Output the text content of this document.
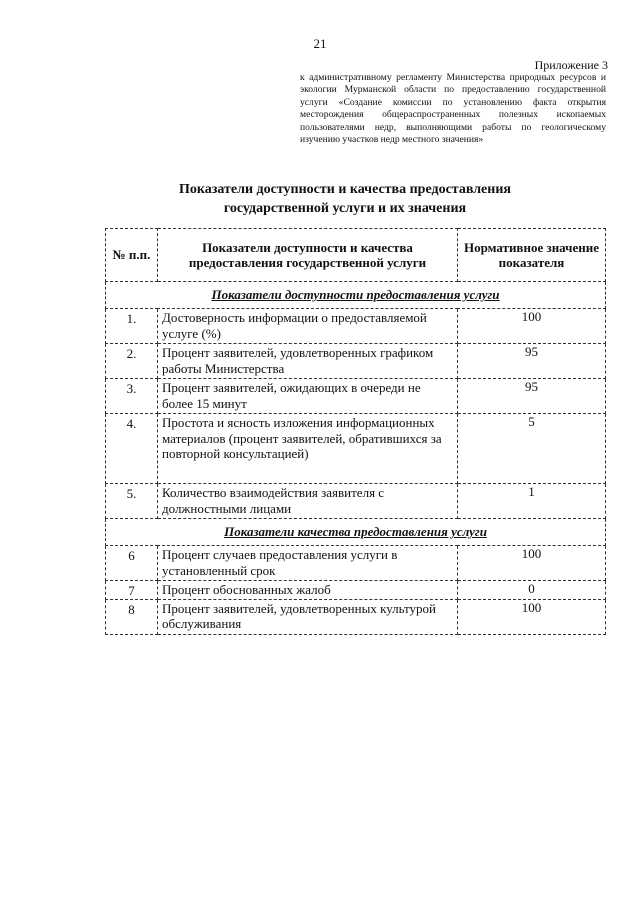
21
Приложение 3
к административному регламенту Министерства природных ресурсов и экологии Мурманской области по предоставлению государственной услуги «Создание комиссии по установлению факта открытия месторождения общераспространенных полезных ископаемых пользователями недр, выполняющими работы по геологическому изучению участков недр местного значения»
Показатели доступности и качества предоставления
государственной услуги и их значения
№ п.п.	Показатели доступности и качества предоставления государственной услуги	Нормативное значение показателя
Показатели доступности предоставления услуги		
1.	Достоверность информации о предоставляемой услуге (%)	100
2.	Процент заявителей, удовлетворенных графиком работы Министерства	95
3.	Процент заявителей, ожидающих в очереди не более 15 минут	95
4.	Простота и ясность изложения информационных материалов (процент заявителей, обратившихся за повторной консультацией)	5
5.	Количество взаимодействия заявителя с должностными лицами	1
Показатели качества предоставления услуги		
6	Процент случаев предоставления услуги в установленный срок	100
7	Процент обоснованных жалоб	0
8	Процент заявителей, удовлетворенных культурой обслуживания	100
